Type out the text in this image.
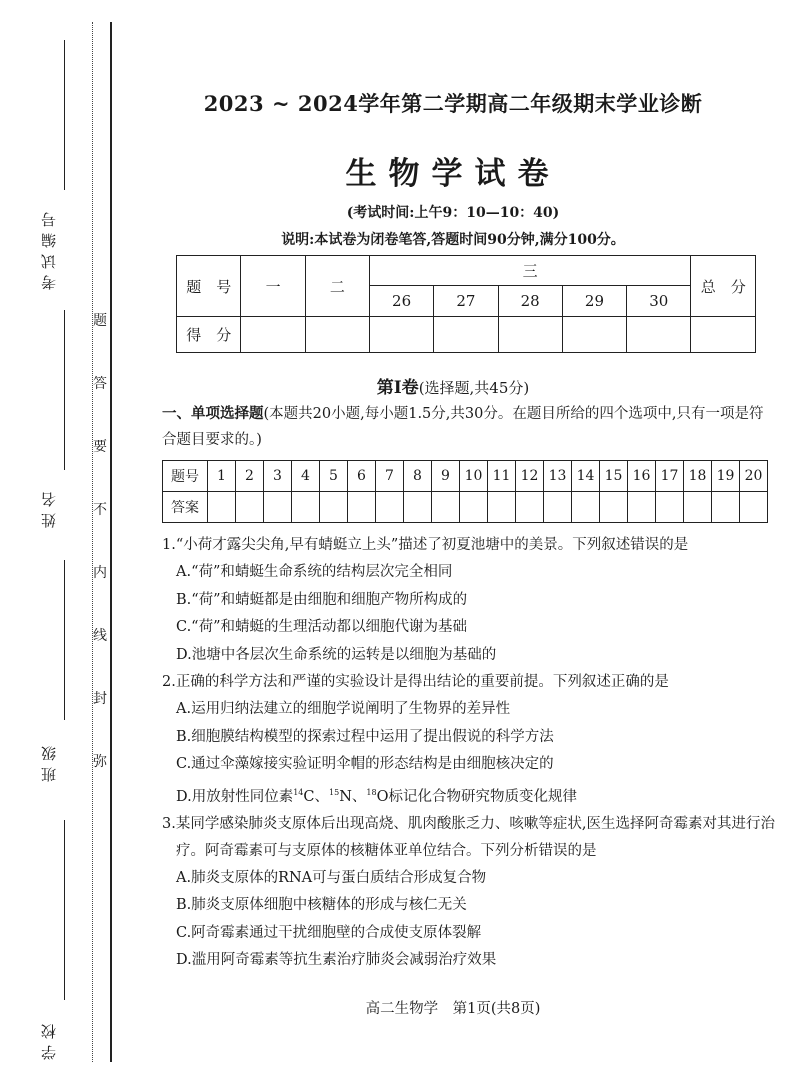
考试编号
姓名
班级
学校
题
答
要
不
内
线
封
弥
2023 ~ 2024学年第二学期高二年级期末学业诊断
生物学试卷
(考试时间:上午9：10—10：40)
说明:本试卷为闭卷笔答,答题时间90分钟,满分100分。
题　号	一	二	三					总　分
			26	27	28	29	30	
得　分								
第Ⅰ卷(选择题,共45分)
一、单项选择题(本题共20小题,每小题1.5分,共30分。在题目所给的四个选项中,只有一项是符合题目要求的。)
题号	1	2	3	4	5	6	7	8	9	10	11	12	13	14	15	16	17	18	19	20
答案																				
1.“小荷才露尖尖角,早有蜻蜓立上头”描述了初夏池塘中的美景。下列叙述错误的是
A.“荷”和蜻蜓生命系统的结构层次完全相同
B.“荷”和蜻蜓都是由细胞和细胞产物所构成的
C.“荷”和蜻蜓的生理活动都以细胞代谢为基础
D.池塘中各层次生命系统的运转是以细胞为基础的
2.正确的科学方法和严谨的实验设计是得出结论的重要前提。下列叙述正确的是
A.运用归纳法建立的细胞学说阐明了生物界的差异性
B.细胞膜结构模型的探索过程中运用了提出假说的科学方法
C.通过伞藻嫁接实验证明伞帽的形态结构是由细胞核决定的
D.用放射性同位素$^{14}$C、$^{15}$N、$^{18}$O标记化合物研究物质变化规律
3.某同学感染肺炎支原体后出现高烧、肌肉酸胀乏力、咳嗽等症状,医生选择阿奇霉素对其进行治疗。阿奇霉素可与支原体的核糖体亚单位结合。下列分析错误的是
A.肺炎支原体的RNA可与蛋白质结合形成复合物
B.肺炎支原体细胞中核糖体的形成与核仁无关
C.阿奇霉素通过干扰细胞壁的合成使支原体裂解
D.滥用阿奇霉素等抗生素治疗肺炎会减弱治疗效果
高二生物学　第1页(共8页)
